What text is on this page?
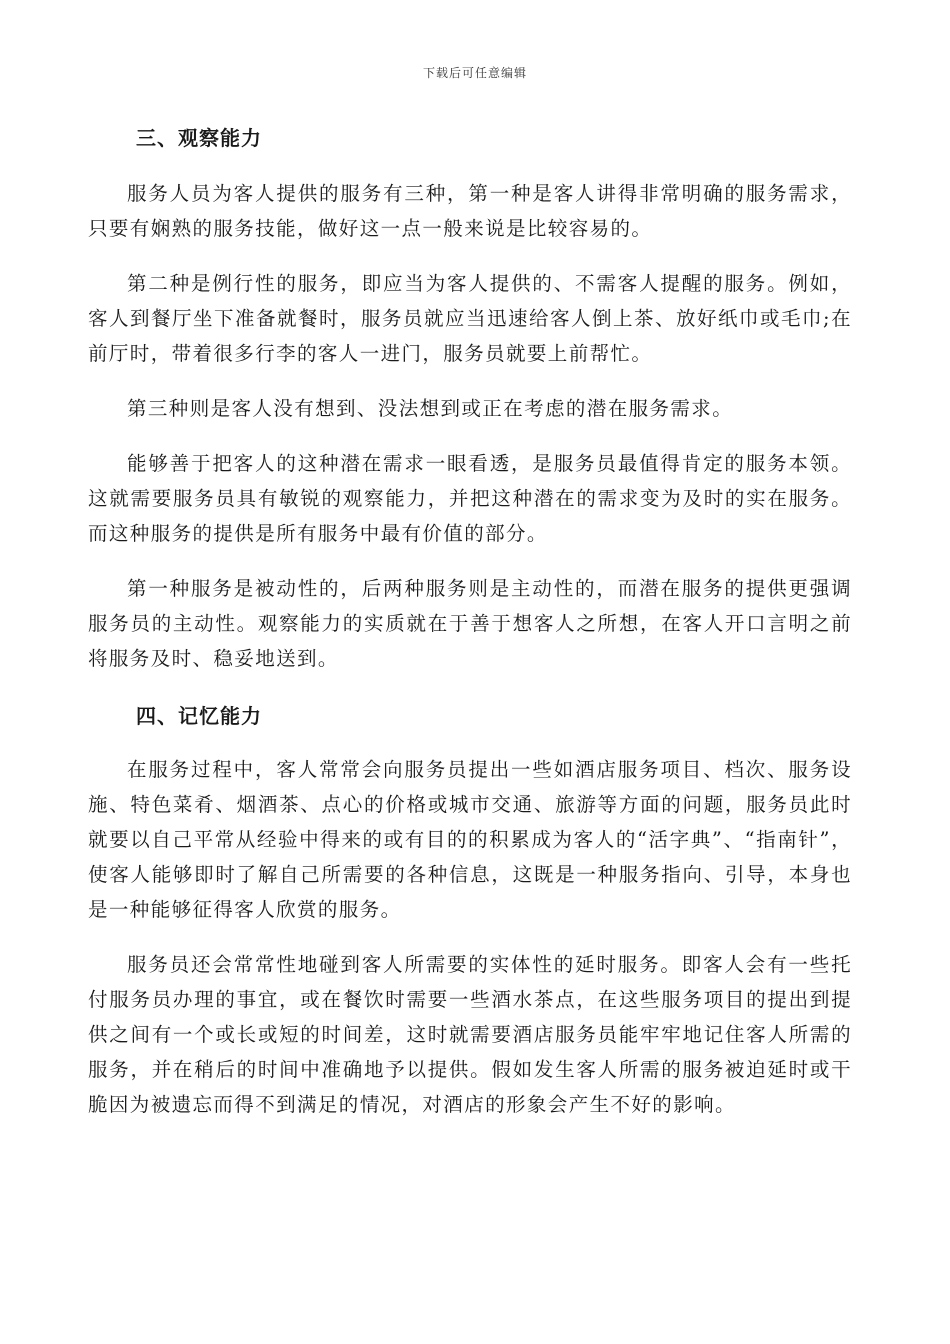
下载后可任意编辑
三、观察能力

服务人员为客人提供的服务有三种，第一种是客人讲得非常明确的服务需求，只要有娴熟的服务技能，做好这一点一般来说是比较容易的。

第二种是例行性的服务，即应当为客人提供的、不需客人提醒的服务。例如，客人到餐厅坐下准备就餐时，服务员就应当迅速给客人倒上茶、放好纸巾或毛巾;在前厅时，带着很多行李的客人一进门，服务员就要上前帮忙。

第三种则是客人没有想到、没法想到或正在考虑的潜在服务需求。

能够善于把客人的这种潜在需求一眼看透，是服务员最值得肯定的服务本领。这就需要服务员具有敏锐的观察能力，并把这种潜在的需求变为及时的实在服务。而这种服务的提供是所有服务中最有价值的部分。

第一种服务是被动性的，后两种服务则是主动性的，而潜在服务的提供更强调服务员的主动性。观察能力的实质就在于善于想客人之所想，在客人开口言明之前将服务及时、稳妥地送到。

四、记忆能力

在服务过程中，客人常常会向服务员提出一些如酒店服务项目、档次、服务设施、特色菜肴、烟酒茶、点心的价格或城市交通、旅游等方面的问题，服务员此时就要以自己平常从经验中得来的或有目的的积累成为客人的“活字典”、“指南针”，使客人能够即时了解自己所需要的各种信息，这既是一种服务指向、引导，本身也是一种能够征得客人欣赏的服务。

服务员还会常常性地碰到客人所需要的实体性的延时服务。即客人会有一些托付服务员办理的事宜，或在餐饮时需要一些酒水茶点，在这些服务项目的提出到提供之间有一个或长或短的时间差，这时就需要酒店服务员能牢牢地记住客人所需的服务，并在稍后的时间中准确地予以提供。假如发生客人所需的服务被迫延时或干脆因为被遗忘而得不到满足的情况，对酒店的形象会产生不好的影响。
